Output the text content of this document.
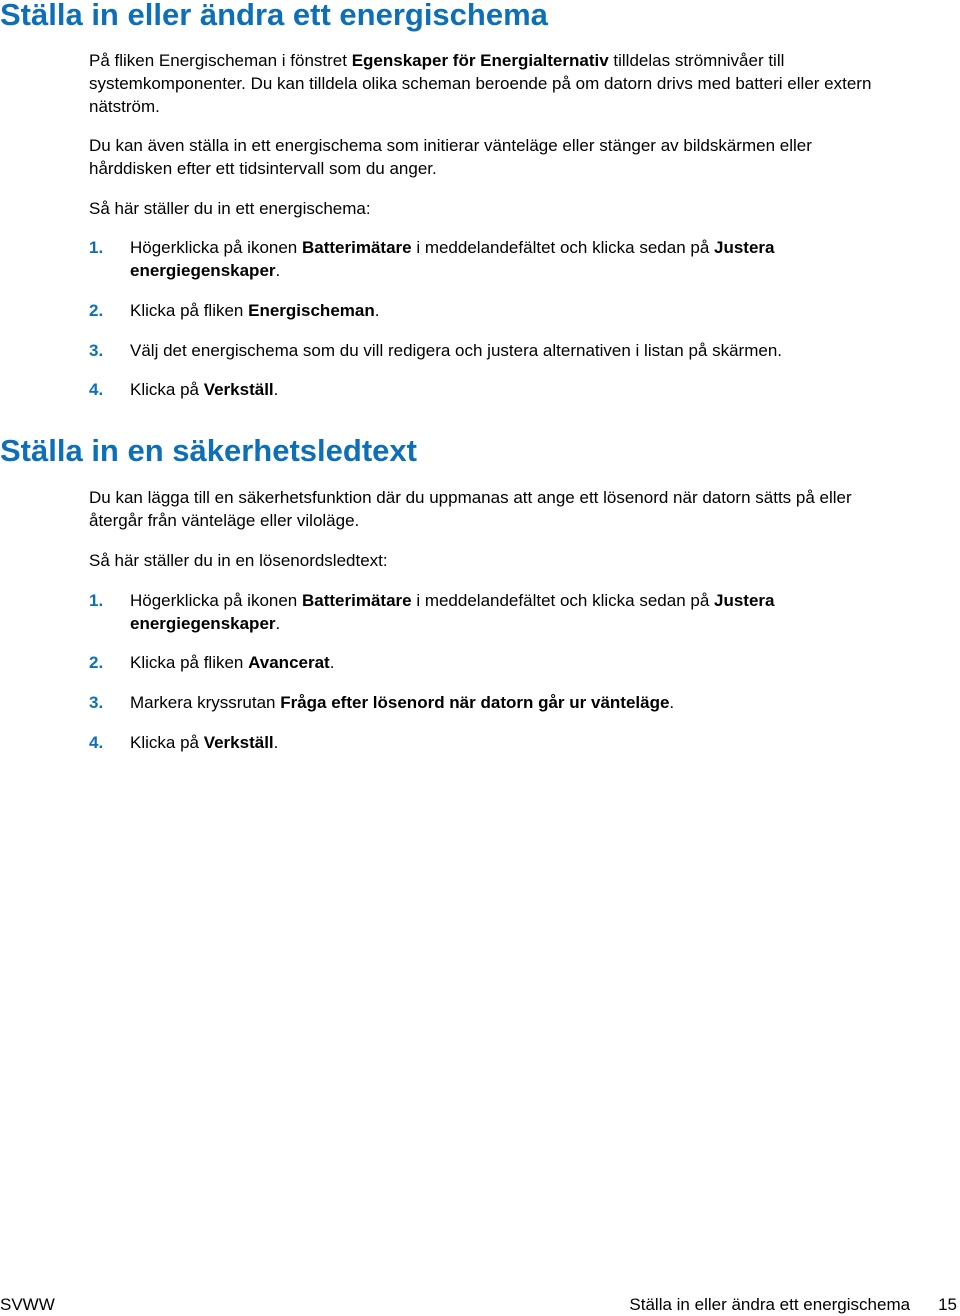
Ställa in eller ändra ett energischema

På fliken Energischeman i fönstret Egenskaper för Energialternativ tilldelas strömnivåer till
systemkomponenter. Du kan tilldela olika scheman beroende på om datorn drivs med batteri eller extern
nätström.

Du kan även ställa in ett energischema som initierar vänteläge eller stänger av bildskärmen eller
hårddisken efter ett tidsintervall som du anger.

Så här ställer du in ett energischema:

1. Högerklicka på ikonen Batterimätare i meddelandefältet och klicka sedan på Justera
energiegenskaper.
2. Klicka på fliken Energischeman.
3. Välj det energischema som du vill redigera och justera alternativen i listan på skärmen.
4. Klicka på Verkställ.
Ställa in en säkerhetsledtext

Du kan lägga till en säkerhetsfunktion där du uppmanas att ange ett lösenord när datorn sätts på eller
återgår från vänteläge eller viloläge.

Så här ställer du in en lösenordsledtext:

1. Högerklicka på ikonen Batterimätare i meddelandefältet och klicka sedan på Justera
energiegenskaper.
2. Klicka på fliken Avancerat.
3. Markera kryssrutan Fråga efter lösenord när datorn går ur vänteläge.
4. Klicka på Verkställ.
SVWW	Ställa in eller ändra ett energischema 15
